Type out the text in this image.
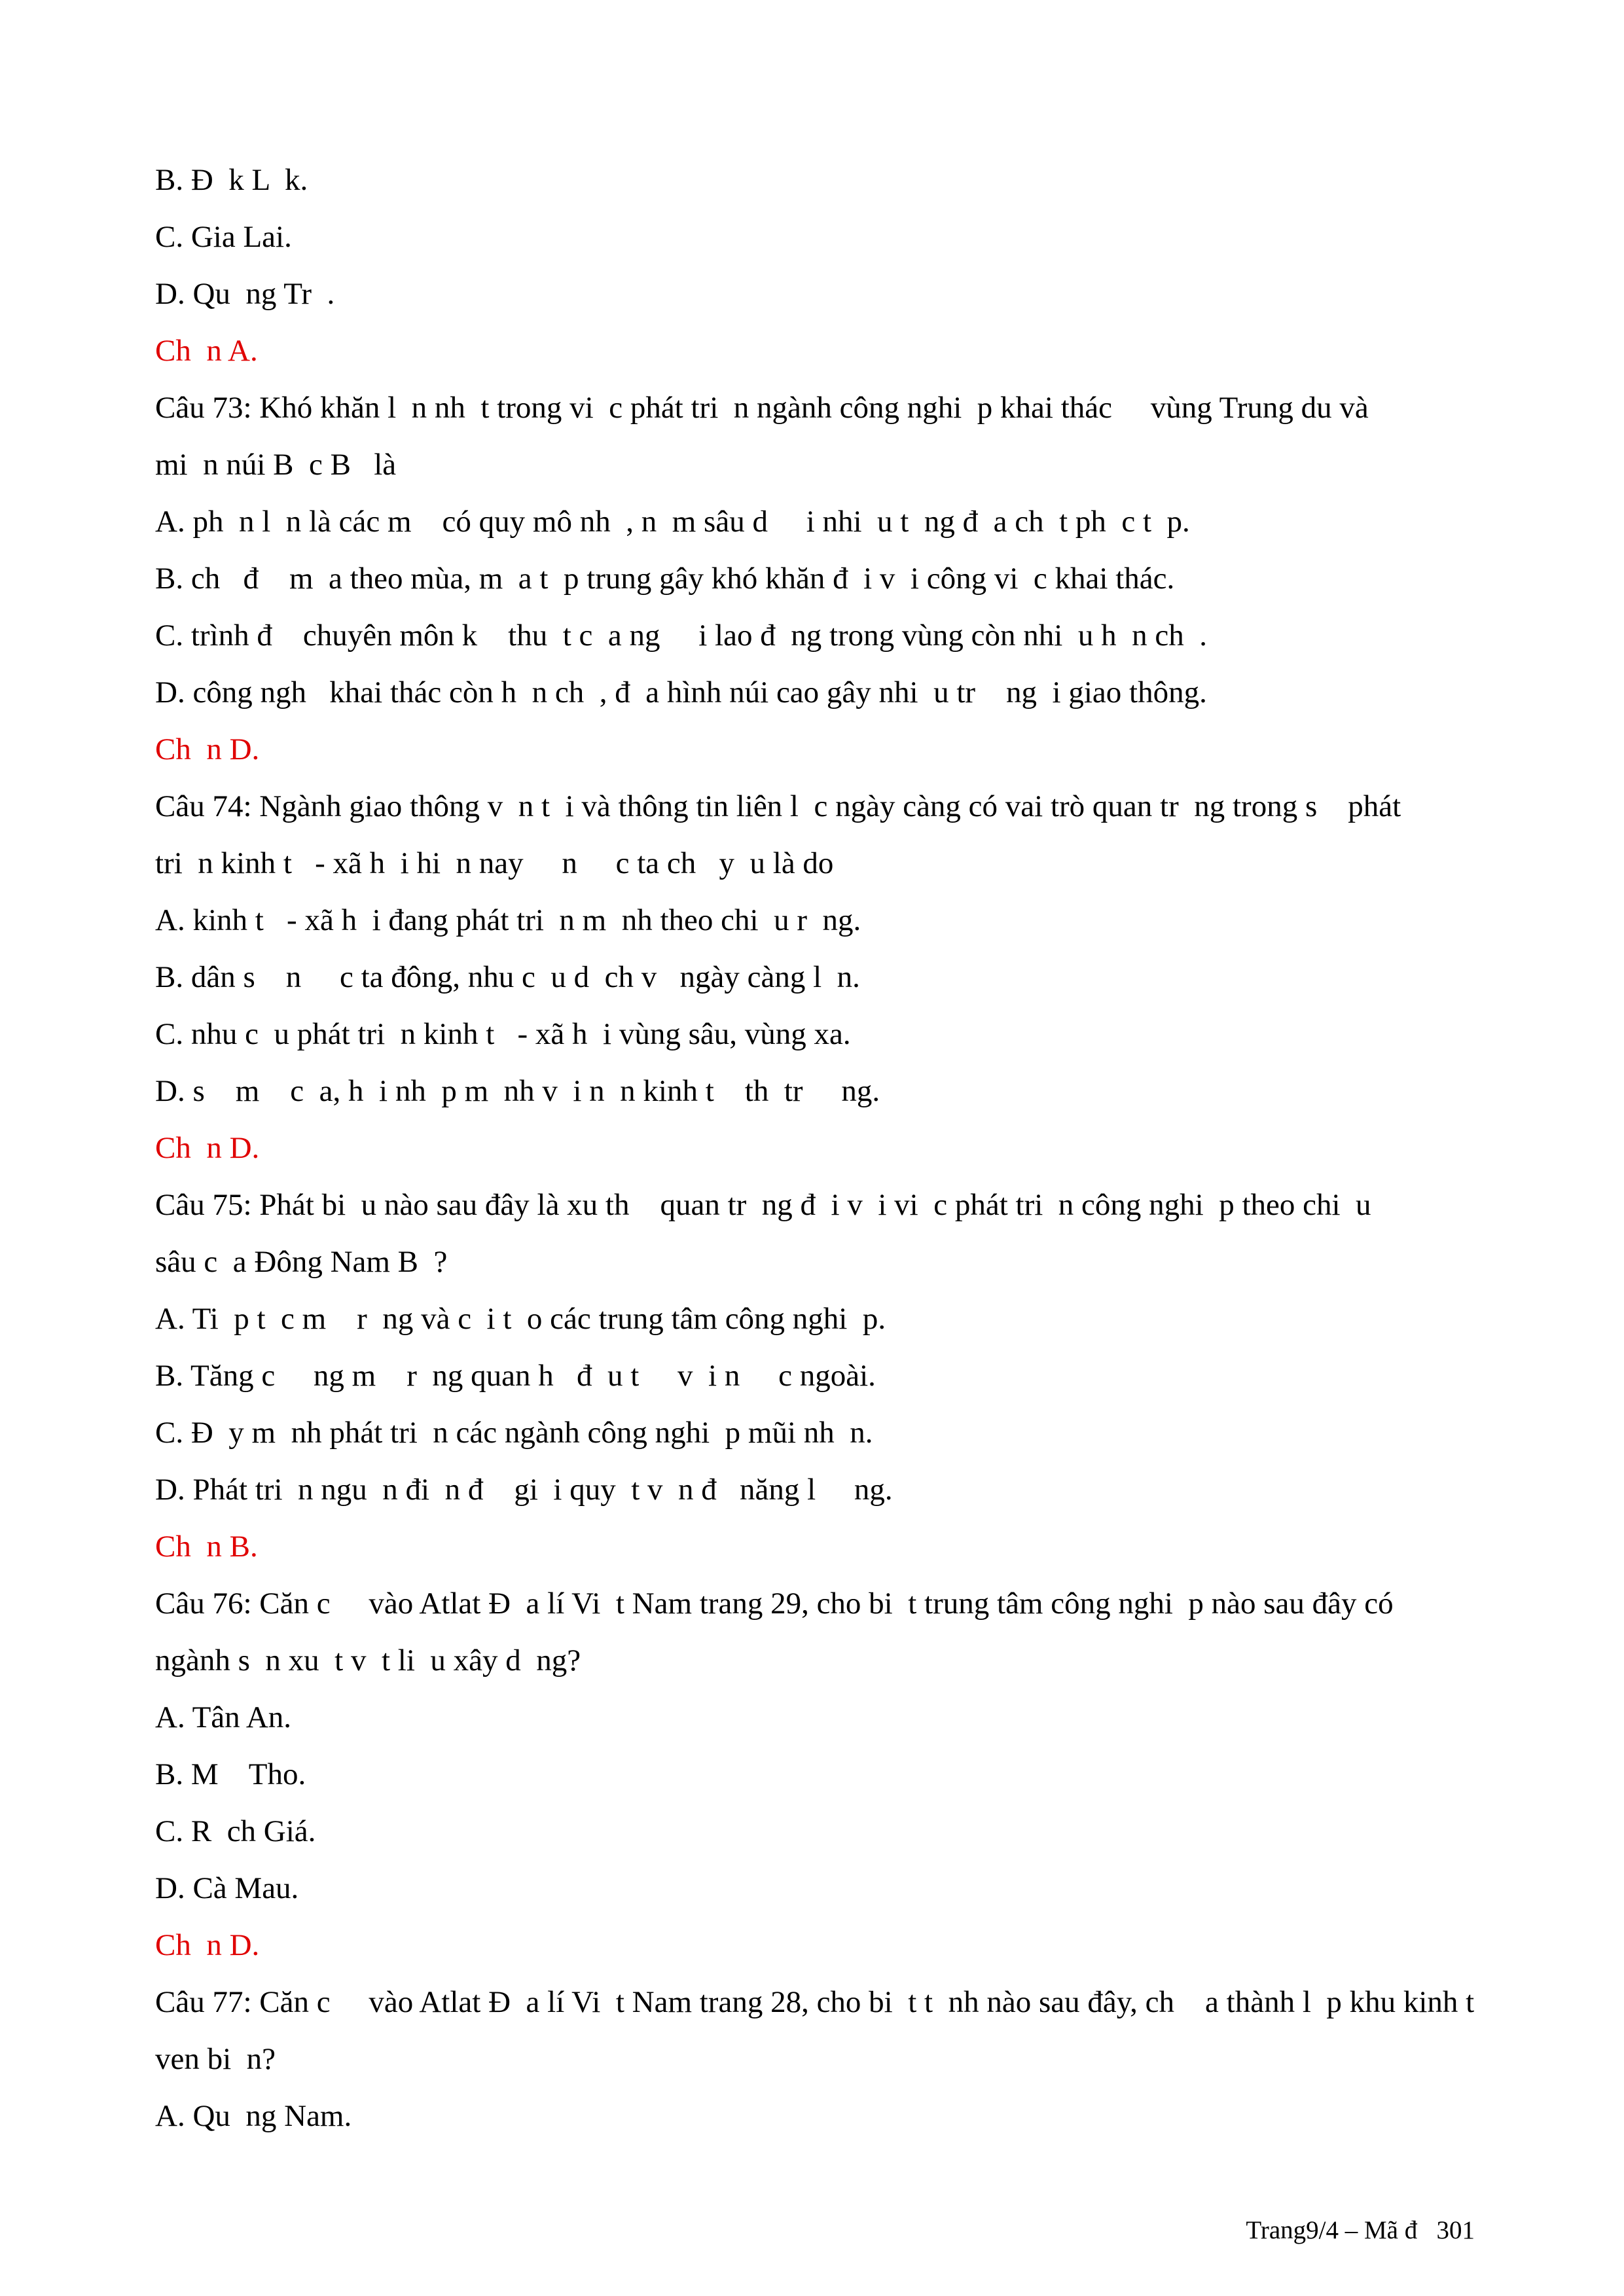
B. Đ  k L  k.

C. Gia Lai.

D. Qu  ng Tr  .

Ch  n A.

Câu 73: Khó khăn l  n nh  t trong vi  c phát tri  n ngành công nghi  p khai thác     vùng Trung du và

mi  n núi B  c B   là

A. ph  n l  n là các m    có quy mô nh  , n  m sâu d     i nhi  u t  ng đ  a ch  t ph  c t  p.

B. ch   đ    m  a theo mùa, m  a t  p trung gây khó khăn đ  i v  i công vi  c khai thác.

C. trình đ    chuyên môn k    thu  t c  a ng     i lao đ  ng trong vùng còn nhi  u h  n ch  .

D. công ngh   khai thác còn h  n ch  , đ  a hình núi cao gây nhi  u tr    ng  i giao thông.

Ch  n D.

Câu 74: Ngành giao thông v  n t  i và thông tin liên l  c ngày càng có vai trò quan tr  ng trong s    phát

tri  n kinh t   - xã h  i hi  n nay     n     c ta ch   y  u là do

A. kinh t   - xã h  i đang phát tri  n m  nh theo chi  u r  ng.

B. dân s    n     c ta đông, nhu c  u d  ch v   ngày càng l  n.

C. nhu c  u phát tri  n kinh t   - xã h  i vùng sâu, vùng xa.

D. s    m    c  a, h  i nh  p m  nh v  i n  n kinh t    th  tr     ng.

Ch  n D.

Câu 75: Phát bi  u nào sau đây là xu th    quan tr  ng đ  i v  i vi  c phát tri  n công nghi  p theo chi  u

sâu c  a Đông Nam B  ?

A. Ti  p t  c m    r  ng và c  i t  o các trung tâm công nghi  p.

B. Tăng c     ng m    r  ng quan h   đ  u t     v  i n     c ngoài.

C. Đ  y m  nh phát tri  n các ngành công nghi  p mũi nh  n.

D. Phát tri  n ngu  n đi  n đ    gi  i quy  t v  n đ   năng l     ng.

Ch  n B.

Câu 76: Căn c     vào Atlat Đ  a lí Vi  t Nam trang 29, cho bi  t trung tâm công nghi  p nào sau đây có

ngành s  n xu  t v  t li  u xây d  ng?

A. Tân An.

B. M    Tho.

C. R  ch Giá.

D. Cà Mau.

Ch  n D.

Câu 77: Căn c     vào Atlat Đ  a lí Vi  t Nam trang 28, cho bi  t t  nh nào sau đây, ch    a thành l  p khu kinh t

ven bi  n?

A. Qu  ng Nam.

Trang9/4 – Mã đ   301
